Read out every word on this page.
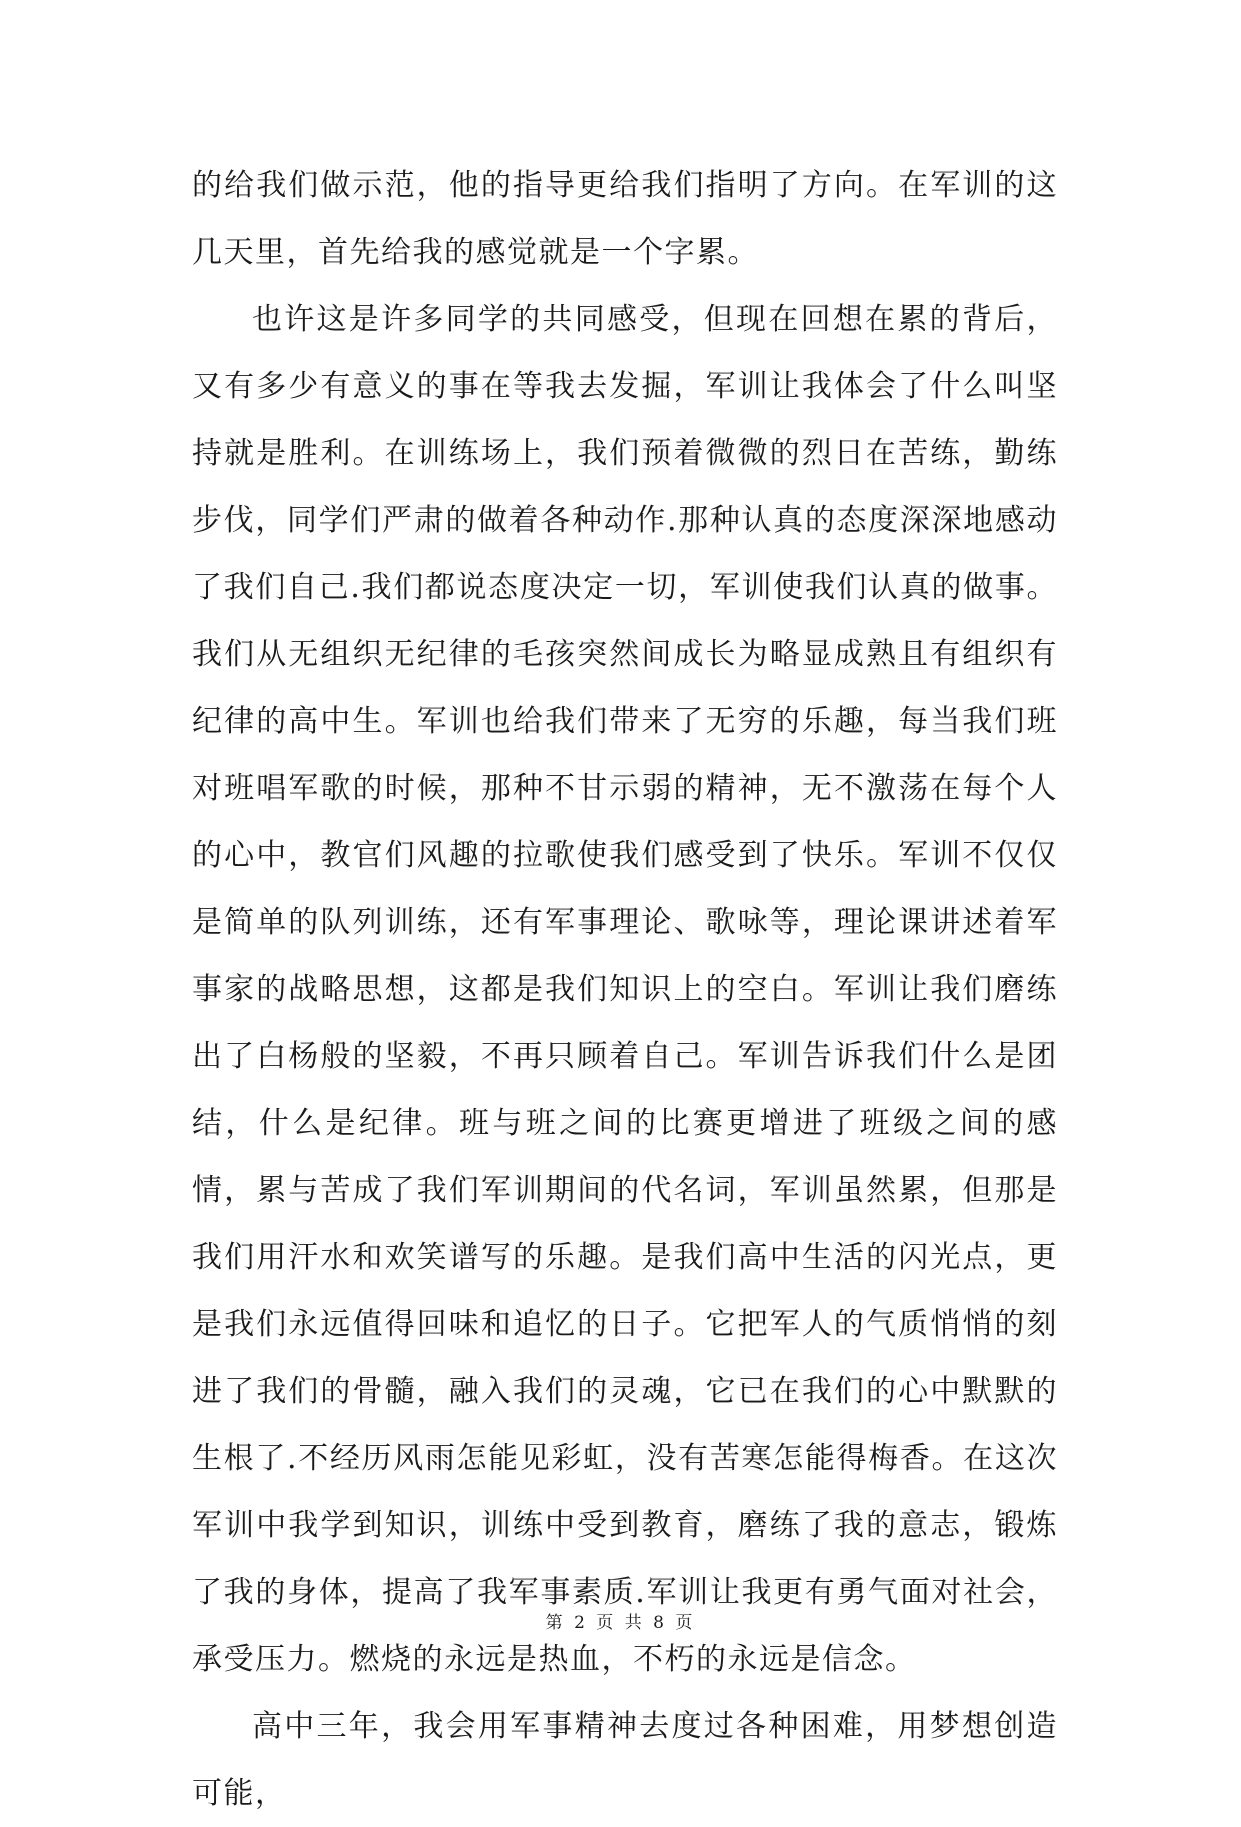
的给我们做示范，他的指导更给我们指明了方向。在军训的这几天里，首先给我的感觉就是一个字累。

也许这是许多同学的共同感受，但现在回想在累的背后，又有多少有意义的事在等我去发掘，军训让我体会了什么叫坚持就是胜利。在训练场上，我们预着微微的烈日在苦练，勤练步伐，同学们严肃的做着各种动作.那种认真的态度深深地感动了我们自己.我们都说态度决定一切，军训使我们认真的做事。我们从无组织无纪律的毛孩突然间成长为略显成熟且有组织有纪律的高中生。军训也给我们带来了无穷的乐趣，每当我们班对班唱军歌的时候，那种不甘示弱的精神，无不激荡在每个人的心中，教官们风趣的拉歌使我们感受到了快乐。军训不仅仅是简单的队列训练，还有军事理论、歌咏等，理论课讲述着军事家的战略思想，这都是我们知识上的空白。军训让我们磨练出了白杨般的坚毅，不再只顾着自己。军训告诉我们什么是团结，什么是纪律。班与班之间的比赛更增进了班级之间的感情，累与苦成了我们军训期间的代名词，军训虽然累，但那是我们用汗水和欢笑谱写的乐趣。是我们高中生活的闪光点，更是我们永远值得回味和追忆的日子。它把军人的气质悄悄的刻进了我们的骨髓，融入我们的灵魂，它已在我们的心中默默的生根了.不经历风雨怎能见彩虹，没有苦寒怎能得梅香。在这次军训中我学到知识，训练中受到教育，磨练了我的意志，锻炼了我的身体，提高了我军事素质.军训让我更有勇气面对社会，承受压力。燃烧的永远是热血，不朽的永远是信念。

高中三年，我会用军事精神去度过各种困难，用梦想创造可能，

第 2 页 共 8 页
